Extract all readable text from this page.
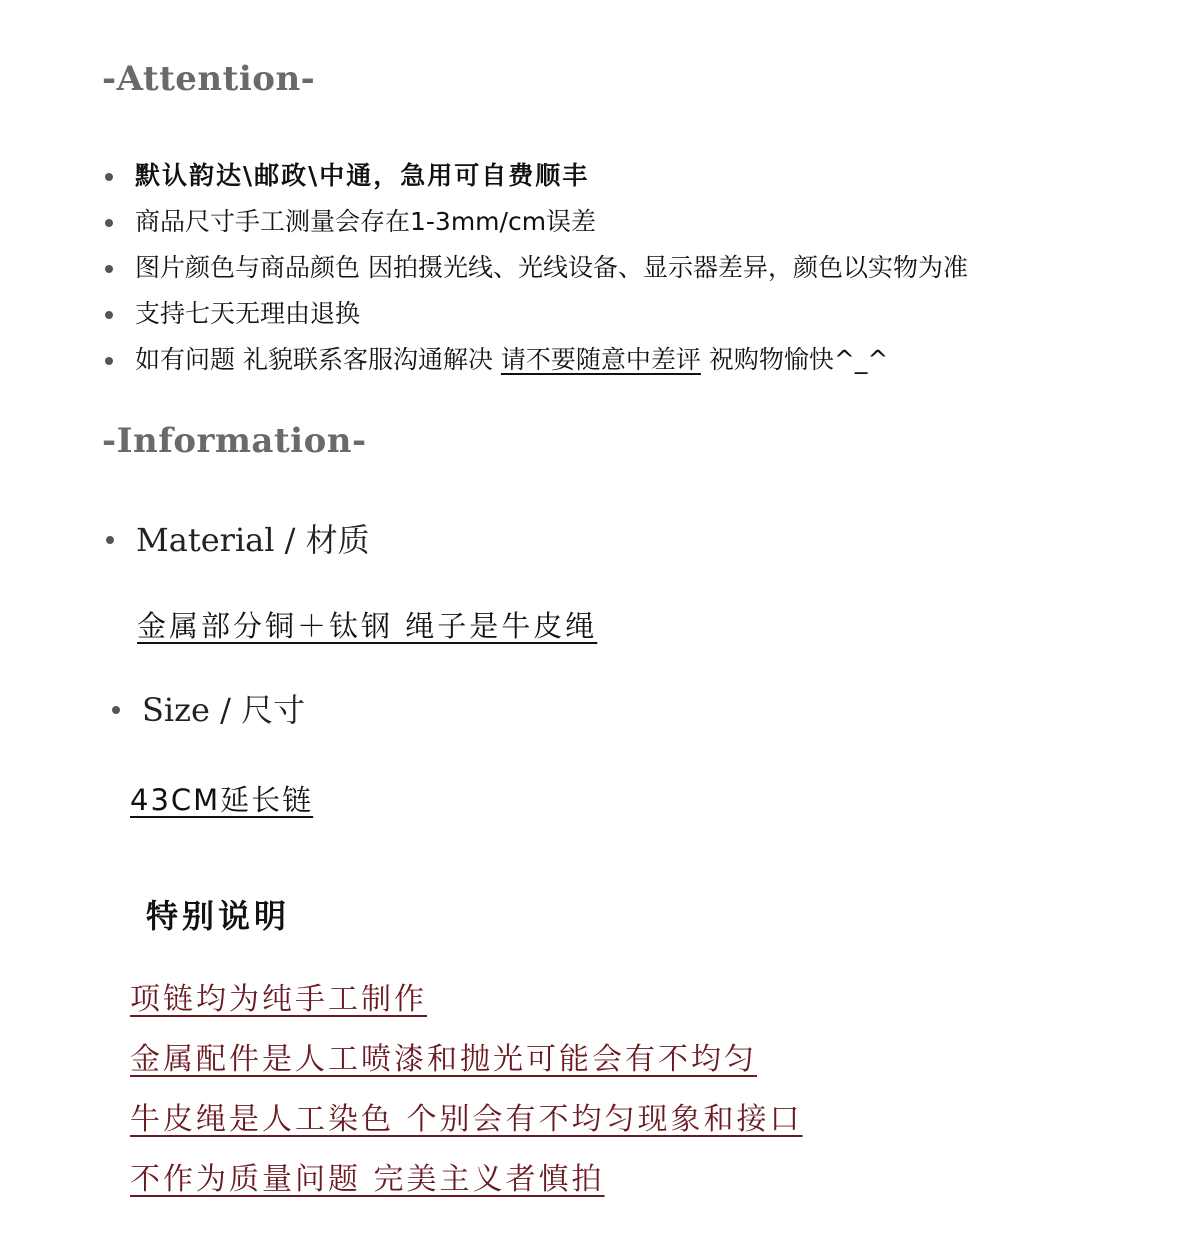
-Attention-
默认韵达\邮政\中通，急用可自费顺丰
商品尺寸手工测量会存在1-3mm/cm误差
图片颜色与商品颜色 因拍摄光线、光线设备、显示器差异，颜色以实物为准
支持七天无理由退换
如有问题 礼貌联系客服沟通解决 请不要随意中差评 祝购物愉快^_^
-Information-
Material / 材质
金属部分铜＋钛钢 绳子是牛皮绳
Size / 尺寸
43CM延长链
特别说明
项链均为纯手工制作
金属配件是人工喷漆和抛光可能会有不均匀
牛皮绳是人工染色 个别会有不均匀现象和接口
不作为质量问题 完美主义者慎拍
